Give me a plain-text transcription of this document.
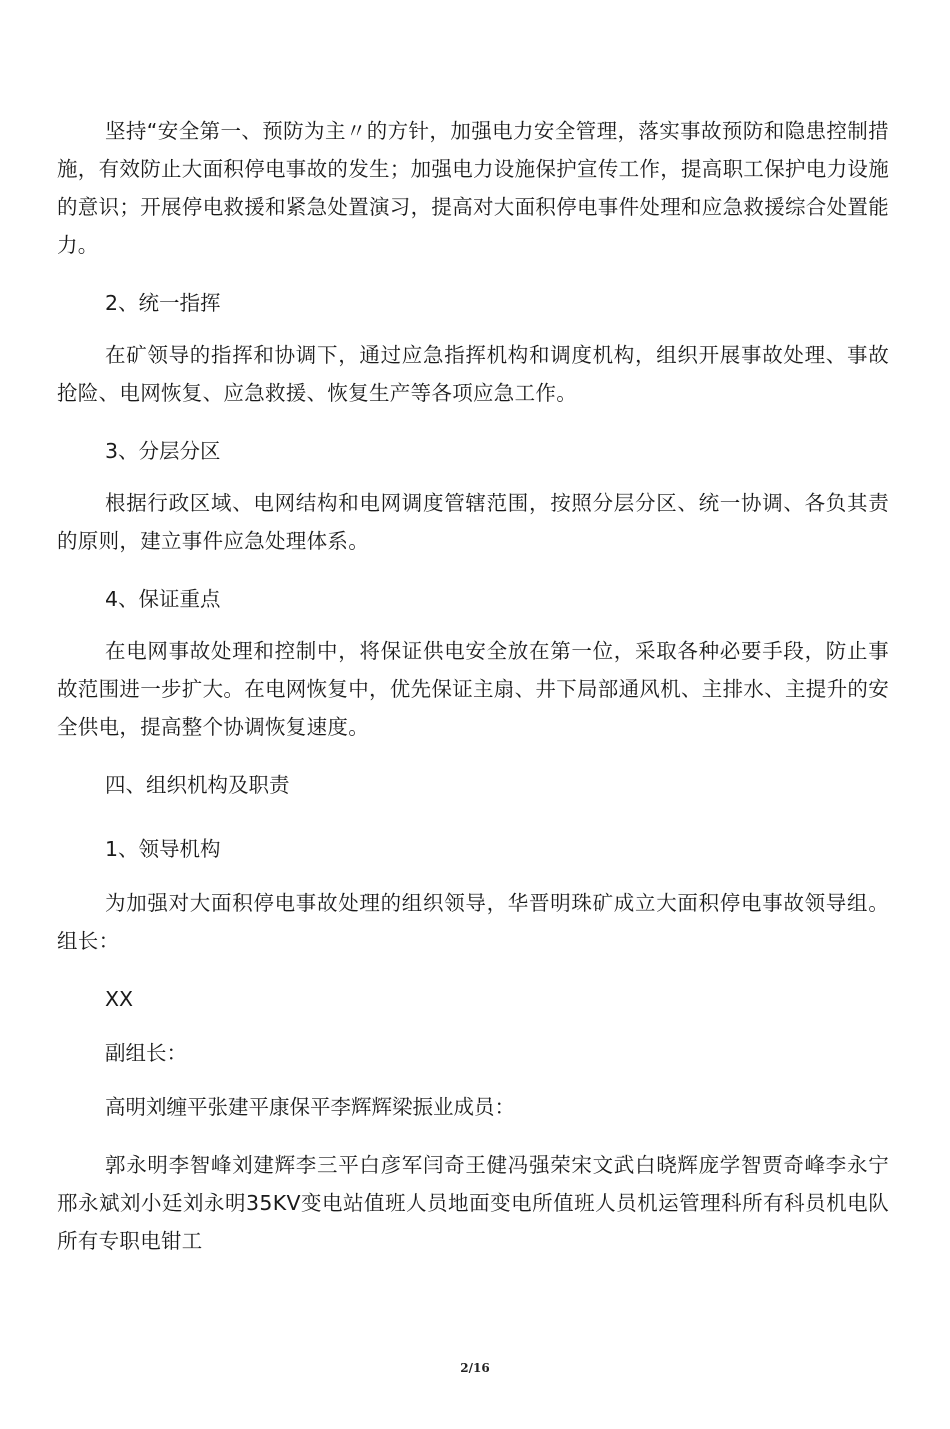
坚持“安全第一、预防为主〃的方针，加强电力安全管理，落实事故预防和隐患控制措施，有效防止大面积停电事故的发生；加强电力设施保护宣传工作，提高职工保护电力设施的意识；开展停电救援和紧急处置演习，提高对大面积停电事件处理和应急救援综合处置能力。

2、统一指挥

在矿领导的指挥和协调下，通过应急指挥机构和调度机构，组织开展事故处理、事故抢险、电网恢复、应急救援、恢复生产等各项应急工作。

3、分层分区

根据行政区域、电网结构和电网调度管辖范围，按照分层分区、统一协调、各负其责的原则，建立事件应急处理体系。

4、保证重点

在电网事故处理和控制中，将保证供电安全放在第一位，采取各种必要手段，防止事故范围进一步扩大。在电网恢复中，优先保证主扇、井下局部通风机、主排水、主提升的安全供电，提高整个协调恢复速度。

四、组织机构及职责

1、领导机构

为加强对大面积停电事故处理的组织领导，华晋明珠矿成立大面积停电事故领导组。组长：

XX

副组长：

高明刘缠平张建平康保平李辉辉梁振业成员：

郭永明李智峰刘建辉李三平白彦军闫奇王健冯强荣宋文武白晓辉庞学智贾奇峰李永宁邢永斌刘小廷刘永明35KV变电站值班人员地面变电所值班人员机运管理科所有科员机电队所有专职电钳工

2/16
